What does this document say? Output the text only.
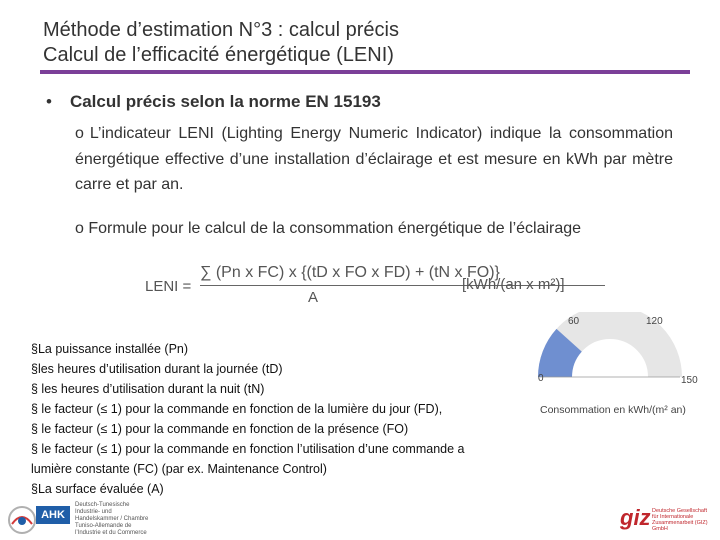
Méthode d’estimation N°3 : calcul précis
Calcul de l’efficacité énergétique (LENI)
• Calcul précis selon la norme EN 15193
o L’indicateur LENI (Lighting Energy Numeric Indicator) indique la consommation énergétique effective d’une installation d’éclairage et est mesure en kWh par mètre carre et par an.
o Formule pour le calcul de la consommation énergétique de l’éclairage
LENI =
∑ (Pn x FC) x {(tD x FO x FD) + (tN x FO)}
A
[kWh/(an x m²)]
§La puissance installée (Pn)
§les heures d’utilisation durant la journée (tD)
§ les heures d’utilisation durant la nuit (tN)
§ le facteur (≤ 1) pour la commande en fonction de la lumière du jour (FD),
§ le facteur (≤ 1) pour la commande en fonction de la présence (FO)
§ le facteur (≤ 1) pour la commande en fonction l’utilisation d’une commande a
lumière constante (FC) (par ex. Maintenance Control)
§La surface évaluée (A)
0
60	120
150
Consommation en kWh/(m² an)
AHK
Deutsch-Tunesische Industrie- und Handelskammer / Chambre Tuniso-Allemande de l’Industrie et du Commerce
giz Deutsche Gesellschaft für Internationale Zusammenarbeit (GIZ) GmbH
